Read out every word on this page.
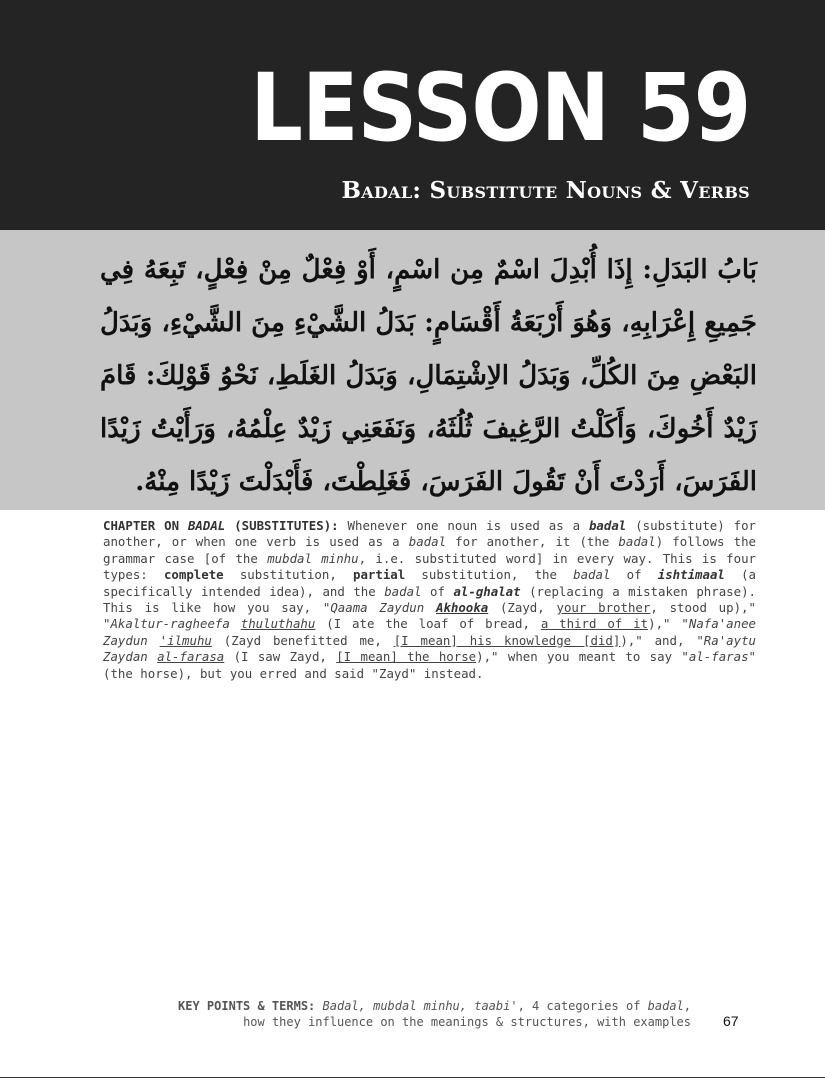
LESSON 59
Badal: Substitute Nouns & Verbs

بَابُ البَدَلِ: إِذَا أُبْدِلَ اسْمٌ مِن اسْمٍ، أَوْ فِعْلٌ مِنْ فِعْلٍ، تَبِعَهُ فِي جَمِيعِ إِعْرَابِهِ، وَهُوَ أَرْبَعَةُ أَقْسَامٍ: بَدَلُ الشَّيْءِ مِنَ الشَّيْءِ، وَبَدَلُ البَعْضِ مِنَ الكُلِّ، وَبَدَلُ الاِشْتِمَالِ، وَبَدَلُ الغَلَطِ، نَحْوُ قَوْلِكَ: قَامَ زَيْدٌ أَخُوكَ، وَأَكَلْتُ الرَّغِيفَ ثُلُثَهُ، وَنَفَعَنِي زَيْدٌ عِلْمُهُ، وَرَأَيْتُ زَيْدًا الفَرَسَ، أَرَدْتَ أَنْ تَقُولَ الفَرَسَ، فَغَلِطْتَ، فَأَبْدَلْتَ زَيْدًا مِنْهُ.

CHAPTER ON BADAL (SUBSTITUTES): Whenever one noun is used as a badal (substitute) for another, or when one verb is used as a badal for another, it (the badal) follows the grammar case [of the mubdal minhu, i.e. substituted word] in every way. This is four types: complete substitution, partial substitution, the badal of ishtimaal (a specifically intended idea), and the badal of al-ghalat (replacing a mistaken phrase). This is like how you say, "Qaama Zaydun Akhooka (Zayd, your brother, stood up)," "Akaltur-ragheefa thuluthahu (I ate the loaf of bread, a third of it)," "Nafa'anee Zaydun 'ilmuhu (Zayd benefitted me, [I mean] his knowledge [did])," and, "Ra'aytu Zaydan al-farasa (I saw Zayd, [I mean] the horse)," when you meant to say "al-faras" (the horse), but you erred and said "Zayd" instead.

KEY POINTS & TERMS: Badal, mubdal minhu, taabi', 4 categories of badal,
how they influence on the meanings & structures, with examples 67
